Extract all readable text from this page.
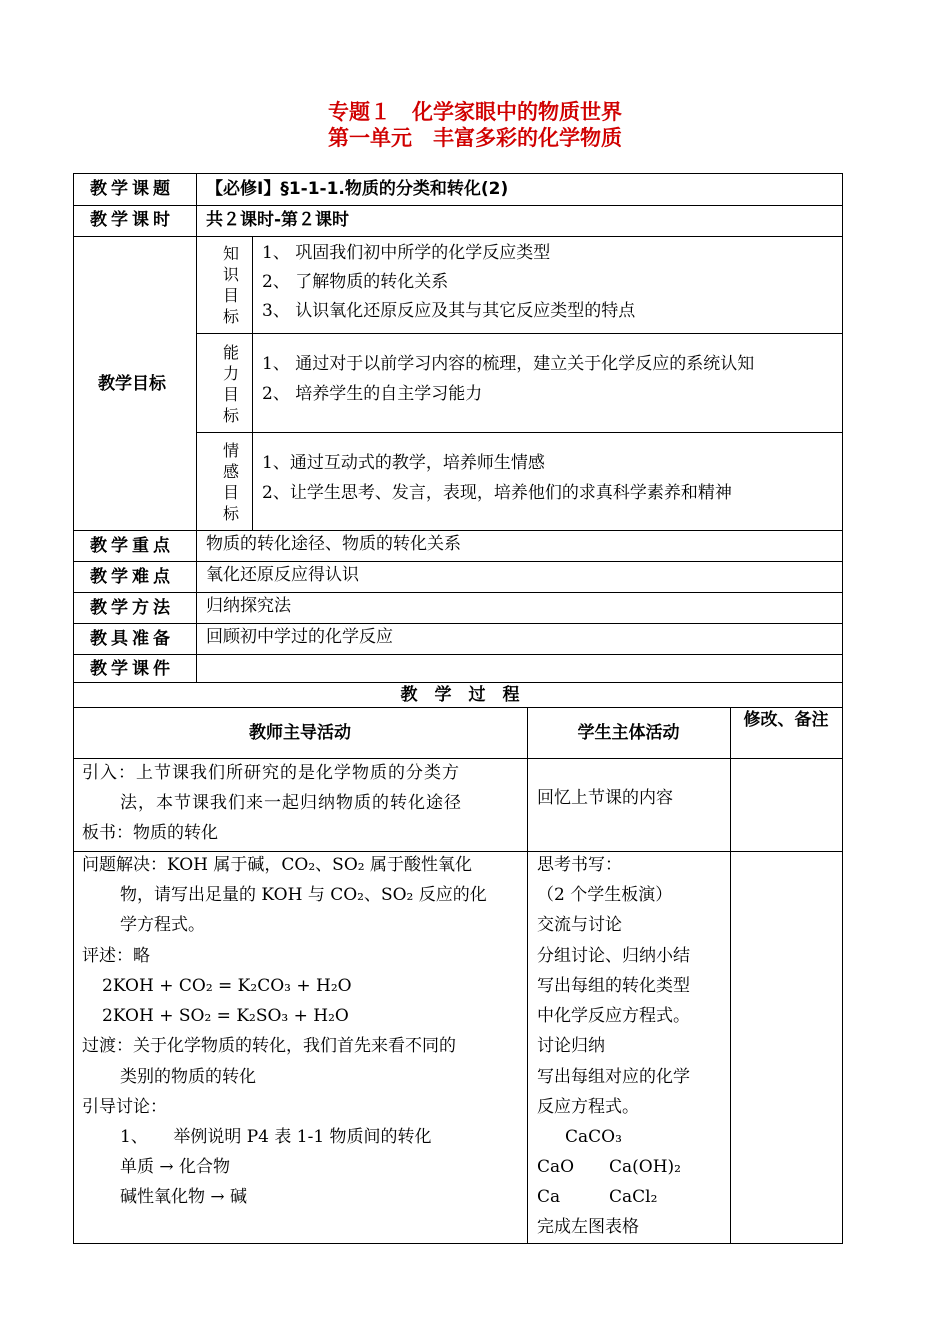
专题１　化学家眼中的物质世界
第一单元　丰富多彩的化学物质
教学课题 【必修Ⅰ】§1-1-1.物质的分类和转化(2)
教学课时 共２课时-第２课时
教学目标
知识目标
1、 巩固我们初中所学的化学反应类型
2、 了解物质的转化关系
3、 认识氧化还原反应及其与其它反应类型的特点
能力目标
1、 通过对于以前学习内容的梳理，建立关于化学反应的系统认知
2、 培养学生的自主学习能力
情感目标
1、通过互动式的教学，培养师生情感
2、让学生思考、发言，表现，培养他们的求真科学素养和精神
教学重点 物质的转化途径、物质的转化关系
教学难点 氧化还原反应得认识
教学方法 归纳探究法
教具准备 回顾初中学过的化学反应
教学课件
教　学　过　程
教师主导活动	学生主体活动
修改、备注
引入：上节课我们所研究的是化学物质的分类方
法，本节课我们来一起归纳物质的转化途径
板书：物质的转化
回忆上节课的内容
问题解决：KOH 属于碱，CO₂、SO₂ 属于酸性氧化
物，请写出足量的 KOH 与 CO₂、SO₂ 反应的化
学方程式。
评述：略
2KOH + CO₂ = K₂CO₃ + H₂O
2KOH + SO₂ = K₂SO₃ + H₂O
过渡：关于化学物质的转化，我们首先来看不同的
类别的物质的转化
引导讨论：
1、　　举例说明 P4 表 1-1 物质间的转化
单质 → 化合物
碱性氧化物 → 碱
思考书写：
（2 个学生板演）
交流与讨论
分组讨论、归纳小结
写出每组的转化类型
中化学反应方程式。
讨论归纳
写出每组对应的化学
反应方程式。
CaCO₃
CaO Ca(OH)₂
Ca	CaCl₂
完成左图表格
